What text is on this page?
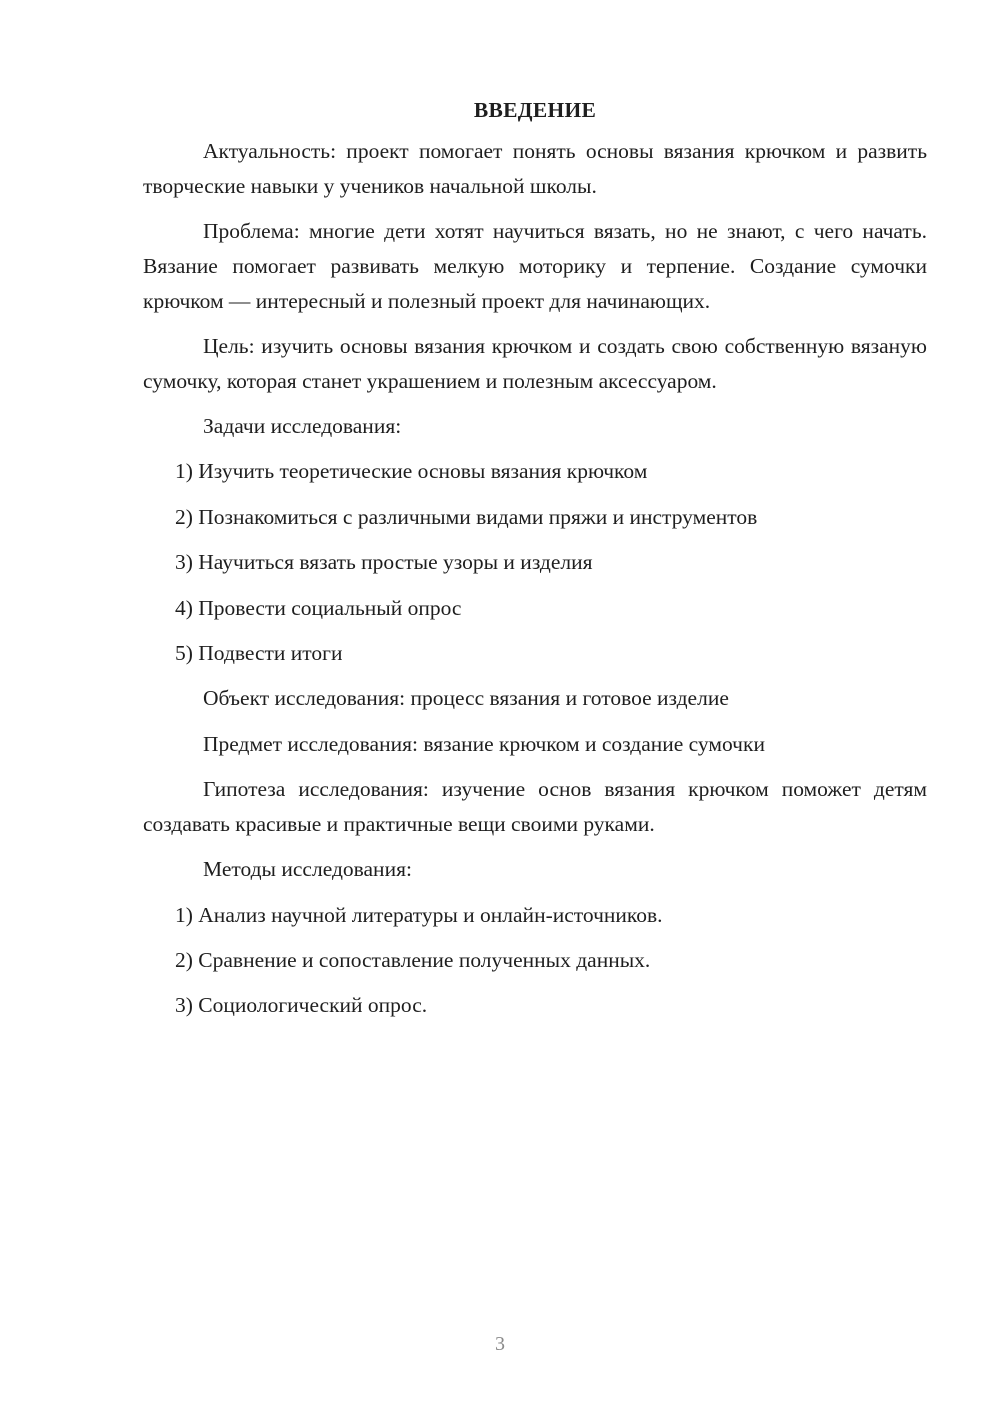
ВВЕДЕНИЕ

Актуальность: проект помогает понять основы вязания крючком и развить творческие навыки у учеников начальной школы.

Проблема: многие дети хотят научиться вязать, но не знают, с чего начать. Вязание помогает развивать мелкую моторику и терпение. Создание сумочки крючком — интересный и полезный проект для начинающих.

Цель: изучить основы вязания крючком и создать свою собственную вязаную сумочку, которая станет украшением и полезным аксессуаром.

Задачи исследования:

1) Изучить теоретические основы вязания крючком

2) Познакомиться с различными видами пряжи и инструментов

3) Научиться вязать простые узоры и изделия

4) Провести социальный опрос

5) Подвести итоги

Объект исследования: процесс вязания и готовое изделие

Предмет исследования: вязание крючком и создание сумочки

Гипотеза исследования: изучение основ вязания крючком поможет детям создавать красивые и практичные вещи своими руками.

Методы исследования:

1) Анализ научной литературы и онлайн-источников.

2) Сравнение и сопоставление полученных данных.

3) Социологический опрос.

3
